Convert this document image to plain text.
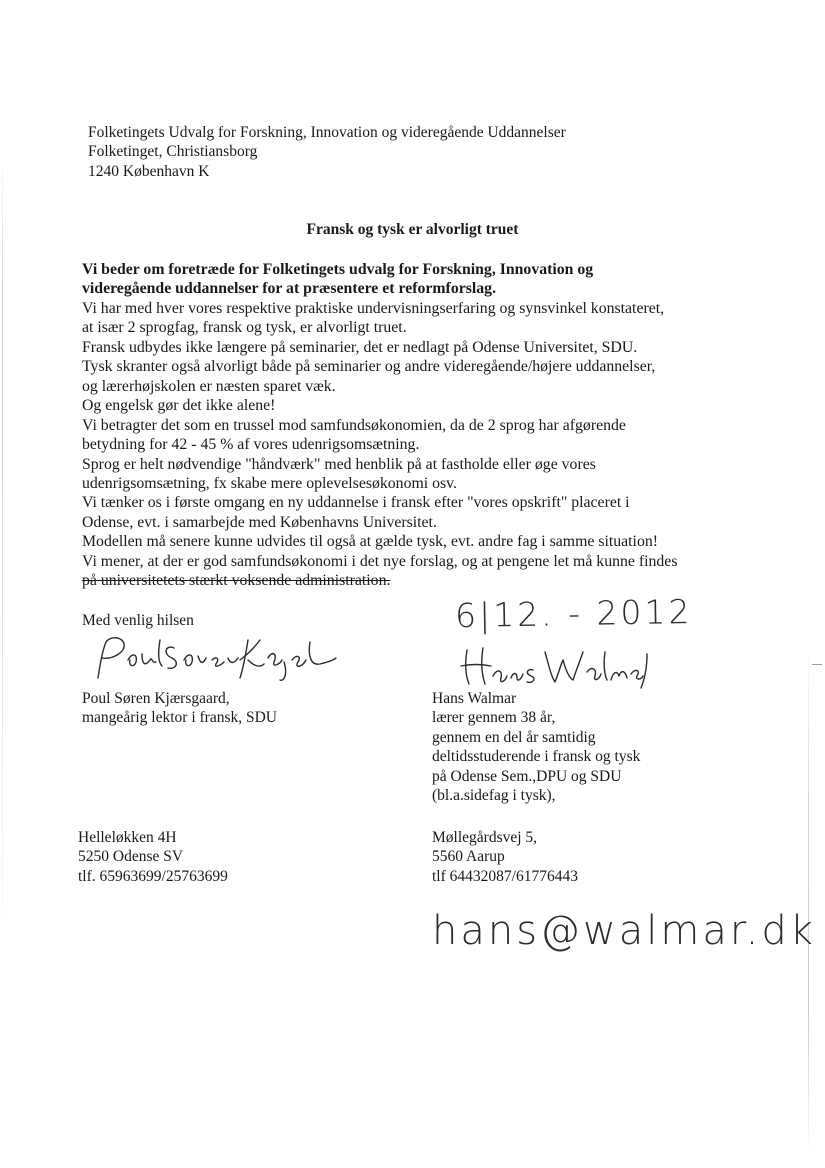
Folketingets Udvalg for Forskning, Innovation og videregående Uddannelser
Folketinget, Christiansborg
1240 København K
Fransk og tysk er alvorligt truet
Vi beder om foretræde for Folketingets udvalg for Forskning, Innovation og
videregående uddannelser for at præsentere et reformforslag.
Vi har med hver vores respektive praktiske undervisningserfaring og synsvinkel konstateret,
at især 2 sprogfag, fransk og tysk, er alvorligt truet.
Fransk udbydes ikke længere på seminarier, det er nedlagt på Odense Universitet, SDU.
Tysk skranter også alvorligt både på seminarier og andre videregående/højere uddannelser,
og lærerhøjskolen er næsten sparet væk.
Og engelsk gør det ikke alene!
Vi betragter det som en trussel mod samfundsøkonomien, da de 2 sprog har afgørende
betydning for 42 - 45 % af vores udenrigsomsætning.
Sprog er helt nødvendige "håndværk" med henblik på at fastholde eller øge vores
udenrigsomsætning, fx skabe mere oplevelsesøkonomi osv.
Vi tænker os i første omgang en ny uddannelse i fransk efter "vores opskrift" placeret i
Odense, evt. i samarbejde med Københavns Universitet.
Modellen må senere kunne udvides til også at gælde tysk, evt. andre fag i samme situation!
Vi mener, at der er god samfundsøkonomi i det nye forslag, og at pengene let må kunne findes
på universitetets stærkt voksende administration.
Med venlig hilsen	6|12. - 2012
Poul Søren Kjærsgaard,
mangeårig lektor i fransk, SDU
Hans Walmar
lærer gennem 38 år,
gennem en del år samtidig
deltidsstuderende i fransk og tysk
på Odense Sem.,DPU og SDU
(bl.a.sidefag i tysk),
Helleløkken 4H
5250 Odense SV
tlf. 65963699/25763699
Møllegårdsvej 5,
5560 Aarup
tlf 64432087/61776443
hans@walmar.dk
